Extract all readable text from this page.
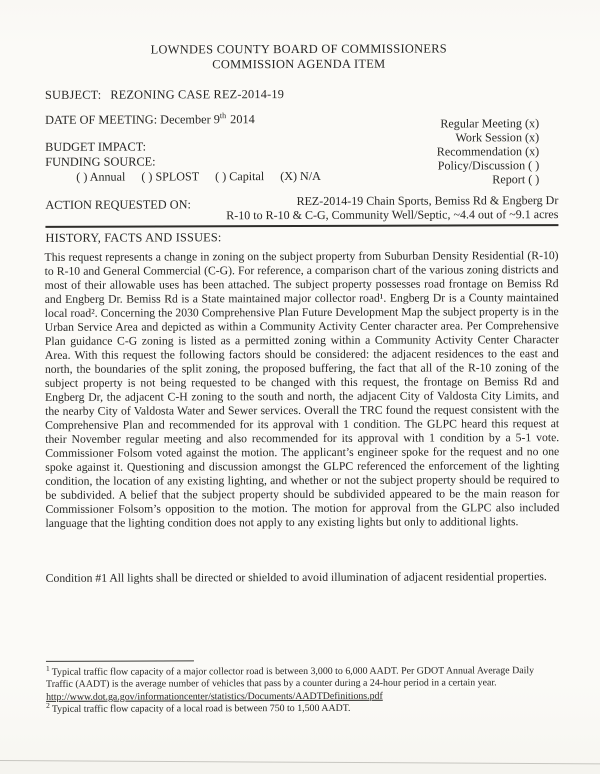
LOWNDES COUNTY BOARD OF COMMISSIONERS
COMMISSION AGENDA ITEM
SUBJECT: REZONING CASE REZ-2014-19
DATE OF MEETING: December 9th 2014	Regular Meeting (x)
Work Session (x)
Recommendation (x)
Policy/Discussion ( )
Report ( )
BUDGET IMPACT:
FUNDING SOURCE:
( ) Annual ( ) SPLOST ( ) Capital (X) N/A
ACTION REQUESTED ON:	REZ-2014-19 Chain Sports, Bemiss Rd & Engberg Dr
R-10 to R-10 & C-G, Community Well/Septic, ~4.4 out of ~9.1 acres
HISTORY, FACTS AND ISSUES:
This request represents a change in zoning on the subject property from Suburban Density Residential (R-10) to R-10 and General Commercial (C-G). For reference, a comparison chart of the various zoning districts and most of their allowable uses has been attached. The subject property possesses road frontage on Bemiss Rd and Engberg Dr. Bemiss Rd is a State maintained major collector road¹. Engberg Dr is a County maintained local road². Concerning the 2030 Comprehensive Plan Future Development Map the subject property is in the Urban Service Area and depicted as within a Community Activity Center character area. Per Comprehensive Plan guidance C-G zoning is listed as a permitted zoning within a Community Activity Center Character Area. With this request the following factors should be considered: the adjacent residences to the east and north, the boundaries of the split zoning, the proposed buffering, the fact that all of the R-10 zoning of the subject property is not being requested to be changed with this request, the frontage on Bemiss Rd and Engberg Dr, the adjacent C-H zoning to the south and north, the adjacent City of Valdosta City Limits, and the nearby City of Valdosta Water and Sewer services. Overall the TRC found the request consistent with the Comprehensive Plan and recommended for its approval with 1 condition. The GLPC heard this request at their November regular meeting and also recommended for its approval with 1 condition by a 5-1 vote. Commissioner Folsom voted against the motion. The applicant’s engineer spoke for the request and no one spoke against it. Questioning and discussion amongst the GLPC referenced the enforcement of the lighting condition, the location of any existing lighting, and whether or not the subject property should be required to be subdivided. A belief that the subject property should be subdivided appeared to be the main reason for Commissioner Folsom’s opposition to the motion. The motion for approval from the GLPC also included language that the lighting condition does not apply to any existing lights but only to additional lights.
Condition #1 All lights shall be directed or shielded to avoid illumination of adjacent residential properties.
$^1$ Typical traffic flow capacity of a major collector road is between 3,000 to 6,000 AADT. Per GDOT Annual Average Daily Traffic (AADT) is the average number of vehicles that pass by a counter during a 24-hour period in a certain year.
http://www.dot.ga.gov/informationcenter/statistics/Documents/AADTDefinitions.pdf
$^2$ Typical traffic flow capacity of a local road is between 750 to 1,500 AADT.
